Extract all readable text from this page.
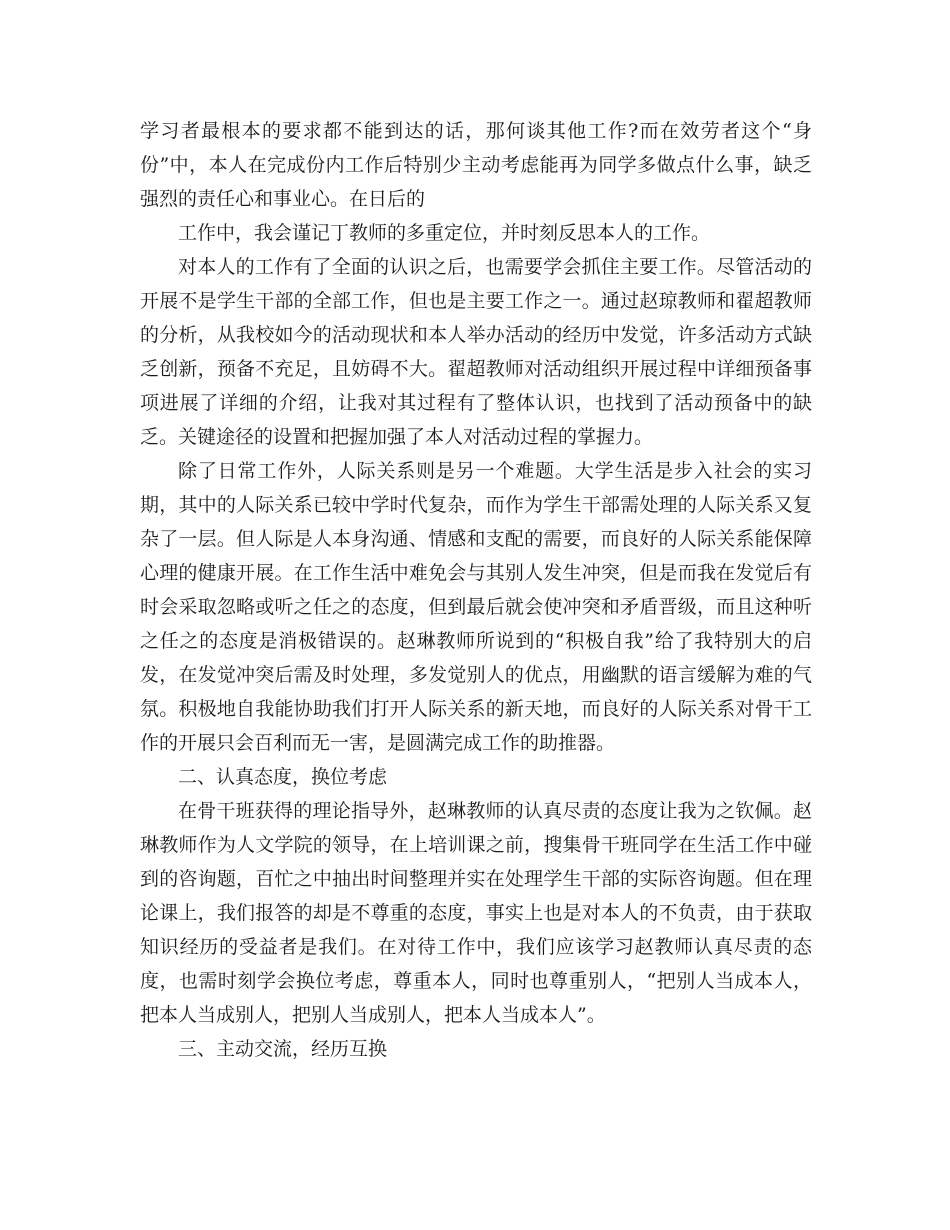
学习者最根本的要求都不能到达的话，那何谈其他工作?而在效劳者这个“身份”中，本人在完成份内工作后特别少主动考虑能再为同学多做点什么事，缺乏强烈的责任心和事业心。在日后的

工作中，我会谨记丁教师的多重定位，并时刻反思本人的工作。

对本人的工作有了全面的认识之后，也需要学会抓住主要工作。尽管活动的开展不是学生干部的全部工作，但也是主要工作之一。通过赵琼教师和翟超教师的分析，从我校如今的活动现状和本人举办活动的经历中发觉，许多活动方式缺乏创新，预备不充足，且妨碍不大。翟超教师对活动组织开展过程中详细预备事项进展了详细的介绍，让我对其过程有了整体认识，也找到了活动预备中的缺乏。关键途径的设置和把握加强了本人对活动过程的掌握力。

除了日常工作外，人际关系则是另一个难题。大学生活是步入社会的实习期，其中的人际关系已较中学时代复杂，而作为学生干部需处理的人际关系又复杂了一层。但人际是人本身沟通、情感和支配的需要，而良好的人际关系能保障心理的健康开展。在工作生活中难免会与其别人发生冲突，但是而我在发觉后有时会采取忽略或听之任之的态度，但到最后就会使冲突和矛盾晋级，而且这种听之任之的态度是消极错误的。赵琳教师所说到的“积极自我”给了我特别大的启发，在发觉冲突后需及时处理，多发觉别人的优点，用幽默的语言缓解为难的气氛。积极地自我能协助我们打开人际关系的新天地，而良好的人际关系对骨干工作的开展只会百利而无一害，是圆满完成工作的助推器。

二、认真态度，换位考虑

在骨干班获得的理论指导外，赵琳教师的认真尽责的态度让我为之钦佩。赵琳教师作为人文学院的领导，在上培训课之前，搜集骨干班同学在生活工作中碰到的咨询题，百忙之中抽出时间整理并实在处理学生干部的实际咨询题。但在理论课上，我们报答的却是不尊重的态度，事实上也是对本人的不负责，由于获取知识经历的受益者是我们。在对待工作中，我们应该学习赵教师认真尽责的态度，也需时刻学会换位考虑，尊重本人，同时也尊重别人，“把别人当成本人，把本人当成别人，把别人当成别人，把本人当成本人”。

三、主动交流，经历互换
